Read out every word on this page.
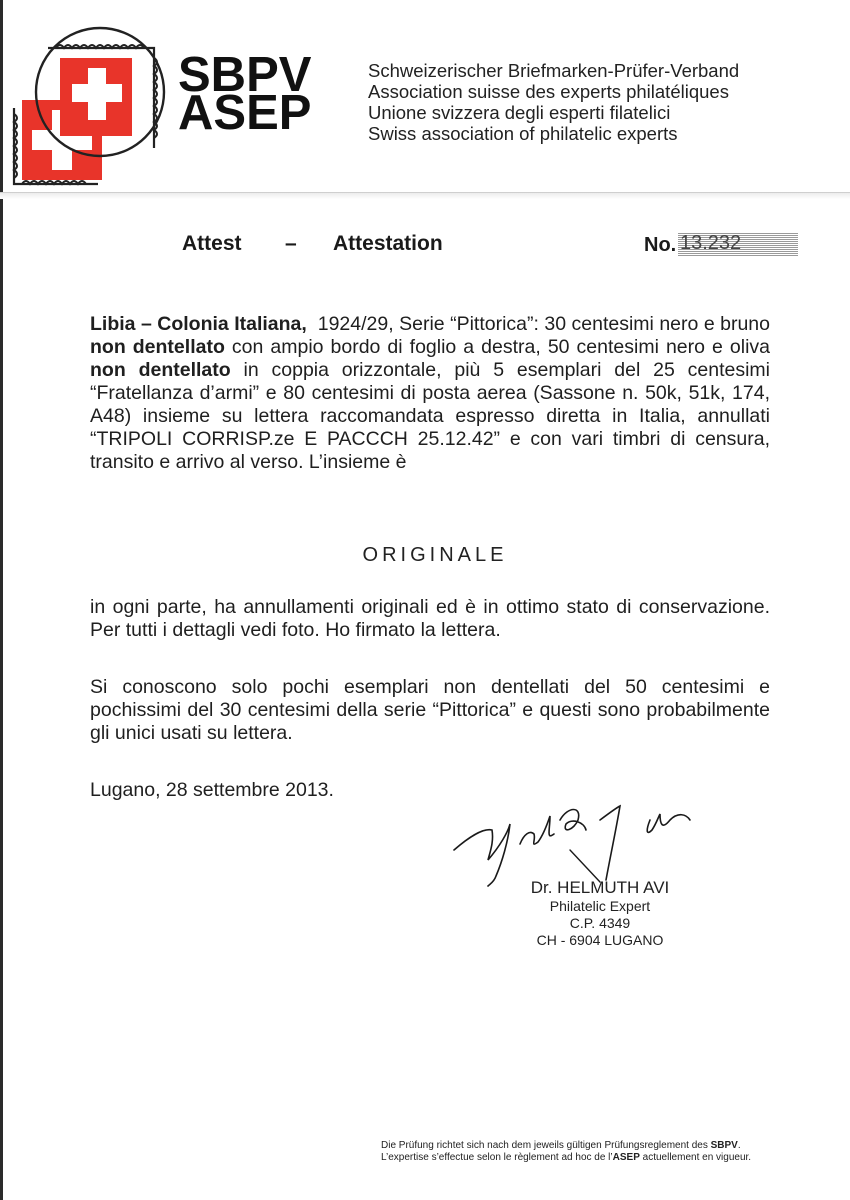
SBPV
ASEP
Schweizerischer Briefmarken-Prüfer-Verband
Association suisse des experts philatéliques
Unione svizzera degli esperti filatelici
Swiss association of philatelic experts
Attest – Attestation	No. 13.232
Libia – Colonia Italiana,  1924/29, Serie “Pittorica”: 30 centesimi nero e bruno non dentellato con ampio bordo di foglio a destra, 50 centesimi nero e oliva non dentellato in coppia orizzontale, più 5 esemplari del 25 centesimi “Fratellanza d’armi” e 80 centesimi di posta aerea (Sassone n. 50k, 51k, 174, A48) insieme su lettera raccomandata espresso diretta in Italia, annullati “TRIPOLI CORRISP.ze E PACCCH 25.12.42” e con vari timbri di censura, transito e arrivo al verso. L’insieme è
ORIGINALE
in ogni parte, ha annullamenti originali ed è in ottimo stato di conservazione. Per tutti i dettagli vedi foto. Ho firmato la lettera.
Si conoscono solo pochi esemplari non dentellati del 50 centesimi e pochissimi del 30 centesimi della serie “Pittorica” e questi sono probabilmente gli unici usati su lettera.
Lugano, 28 settembre 2013.
Dr. HELMUTH AVI
Philatelic Expert
C.P. 4349
CH - 6904 LUGANO
Die Prüfung richtet sich nach dem jeweils gültigen Prüfungsreglement des SBPV.
L’expertise s’effectue selon le règlement ad hoc de l’ASEP actuellement en vigueur.
